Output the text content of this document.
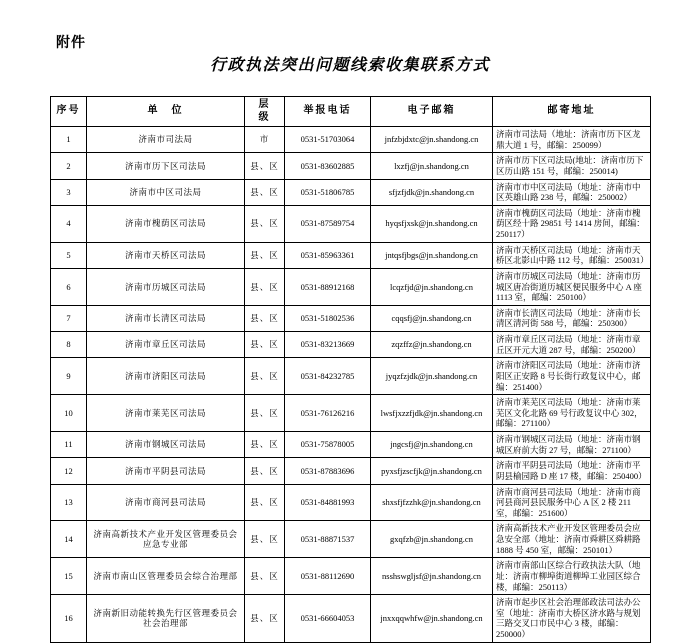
附件
行政执法突出问题线索收集联系方式
序号	单　位	层　级	举报电话	电子邮箱	邮寄地址
1	济南市司法局	市	0531-51703064	jnfzbjdxtc@jn.shandong.cn	济南市司法局（地址：济南市历下区龙鼎大道 1 号，邮编：250099）
2	济南市历下区司法局	县、区	0531-83602885	lxzfj@jn.shandong.cn	济南市历下区司法局(地址：济南市历下区历山路 151 号，邮编：250014)
3	济南市中区司法局	县、区	0531-51806785	sfjzfjdk@jn.shandong.cn	济南市市中区司法局（地址：济南市中区英雄山路 238 号，邮编：250002）
4	济南市槐荫区司法局	县、区	0531-87589754	hyqsfjxsk@jn.shandong.cn	济南市槐荫区司法局（地址：济南市槐荫区经十路 29851 号 1414 房间，邮编：250117）
5	济南市天桥区司法局	县、区	0531-85963361	jntqsfjbgs@jn.shandong.cn	济南市天桥区司法局（地址：济南市天桥区北影山中路 112 号，邮编：250031）
6	济南市历城区司法局	县、区	0531-88912168	lcqzfjd@jn.shandong.cn	济南市历城区司法局（地址：济南市历城区唐冶街道历城区便民服务中心 A 座 1113 室，邮编：250100）
7	济南市长清区司法局	县、区	0531-51802536	cqqsfj@jn.shandong.cn	济南市长清区司法局（地址：济南市长清区清河街 588 号，邮编：250300）
8	济南市章丘区司法局	县、区	0531-83213669	zqzffz@jn.shandong.cn	济南市章丘区司法局（地址：济南市章丘区开元大道 287 号，邮编：250200）
9	济南市济阳区司法局	县、区	0531-84232785	jyqzfzjdk@jn.shandong.cn	济南市济阳区司法局（地址：济南市济阳区正安路 8 号长街行政复议中心，邮编：251400）
10	济南市莱芜区司法局	县、区	0531-76126216	lwsfjxzzfjdk@jn.shandong.cn	济南市莱芜区司法局（地址：济南市莱芜区文化北路 69 号行政复议中心 302，邮编：271100）
11	济南市钢城区司法局	县、区	0531-75878005	jngcsfj@jn.shandong.cn	济南市钢城区司法局（地址：济南市钢城区府前大街 27 号，邮编：271100）
12	济南市平阴县司法局	县、区	0531-87883696	pyxsfjzscfjk@jn.shandong.cn	济南市平阴县司法局（地址：济南市平阴县榆园路 D 座 17 楼，邮编：250400）
13	济南市商河县司法局	县、区	0531-84881993	shxsfjfzzhk@jn.shandong.cn	济南市商河县司法局（地址：济南市商河县商河县民服务中心 A 区 2 楼 211 室，邮编：251600）
14	济南高新技术产业开发区管理委员会应急专业部	县、区	0531-88871537	gxqfzb@jn.shandong.cn	济南高新技术产业开发区管理委员会应急安全部（地址：济南市舜耕区舜耕路 1888 号 450 室，邮编：250101）
15	济南市南山区管理委员会综合治理部	县、区	0531-88112690	nsshswgljsf@jn.shandong.cn	济南市南部山区综合行政执法大队（地址：济南市柳埠街道柳埠工业园区综合楼，邮编：250113）
16	济南新旧动能转换先行区管理委员会社会治理部	县、区	0531-66604053	jnxxqqwhfw@jn.shandong.cn	济南市起步区社会治理部政法司法办公室（地址：济南市大桥区济水路与规划三路交叉口市民中心 3 楼，邮编：250000）
